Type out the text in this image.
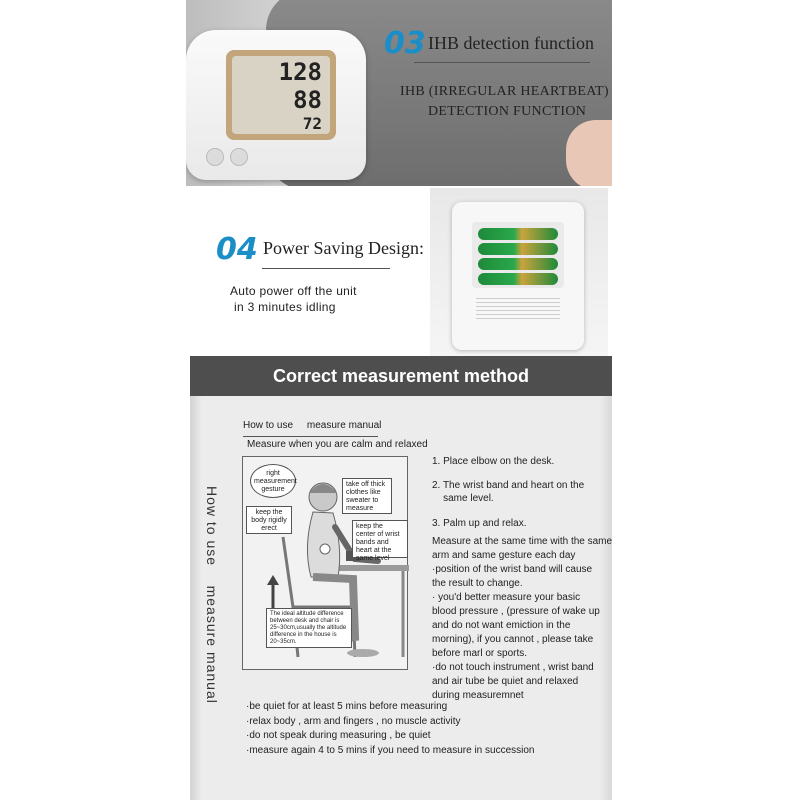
128
88
72
03 IHB detection function
IHB (IRREGULAR HEARTBEAT)
DETECTION FUNCTION
04 Power Saving Design:
Auto power off the unit
in 3 minutes idling
Correct measurement method
How to use     measure manual
Measure when you are calm and relaxed
How to use    measure manual
right measurement gesture
take off thick clothes like sweater to measure
keep the body rigidly erect	keep the center of wrist bands and heart at the same level
The ideal altitude difference between desk and chair is 25~30cm,usually the altitude difference in the house is 20~35cm.
1. Place elbow on the desk.
2. The wrist band and heart on the
same level.
3. Palm up and relax.
Measure at the same time with the same
arm and same gesture each day
·position of the wrist band will cause
the result to change.
· you'd better measure your basic
blood pressure , (pressure of wake up
and do not want emiction in the
morning), if you cannot , please take
before marl or sports.
·do not touch instrument , wrist band
and air tube be quiet and relaxed
during measuremnet
·be quiet for at least 5 mins before measuring
·relax body , arm and fingers , no muscle activity
·do not speak during measuring , be quiet
·measure again 4 to 5 mins if you need to measure in succession
